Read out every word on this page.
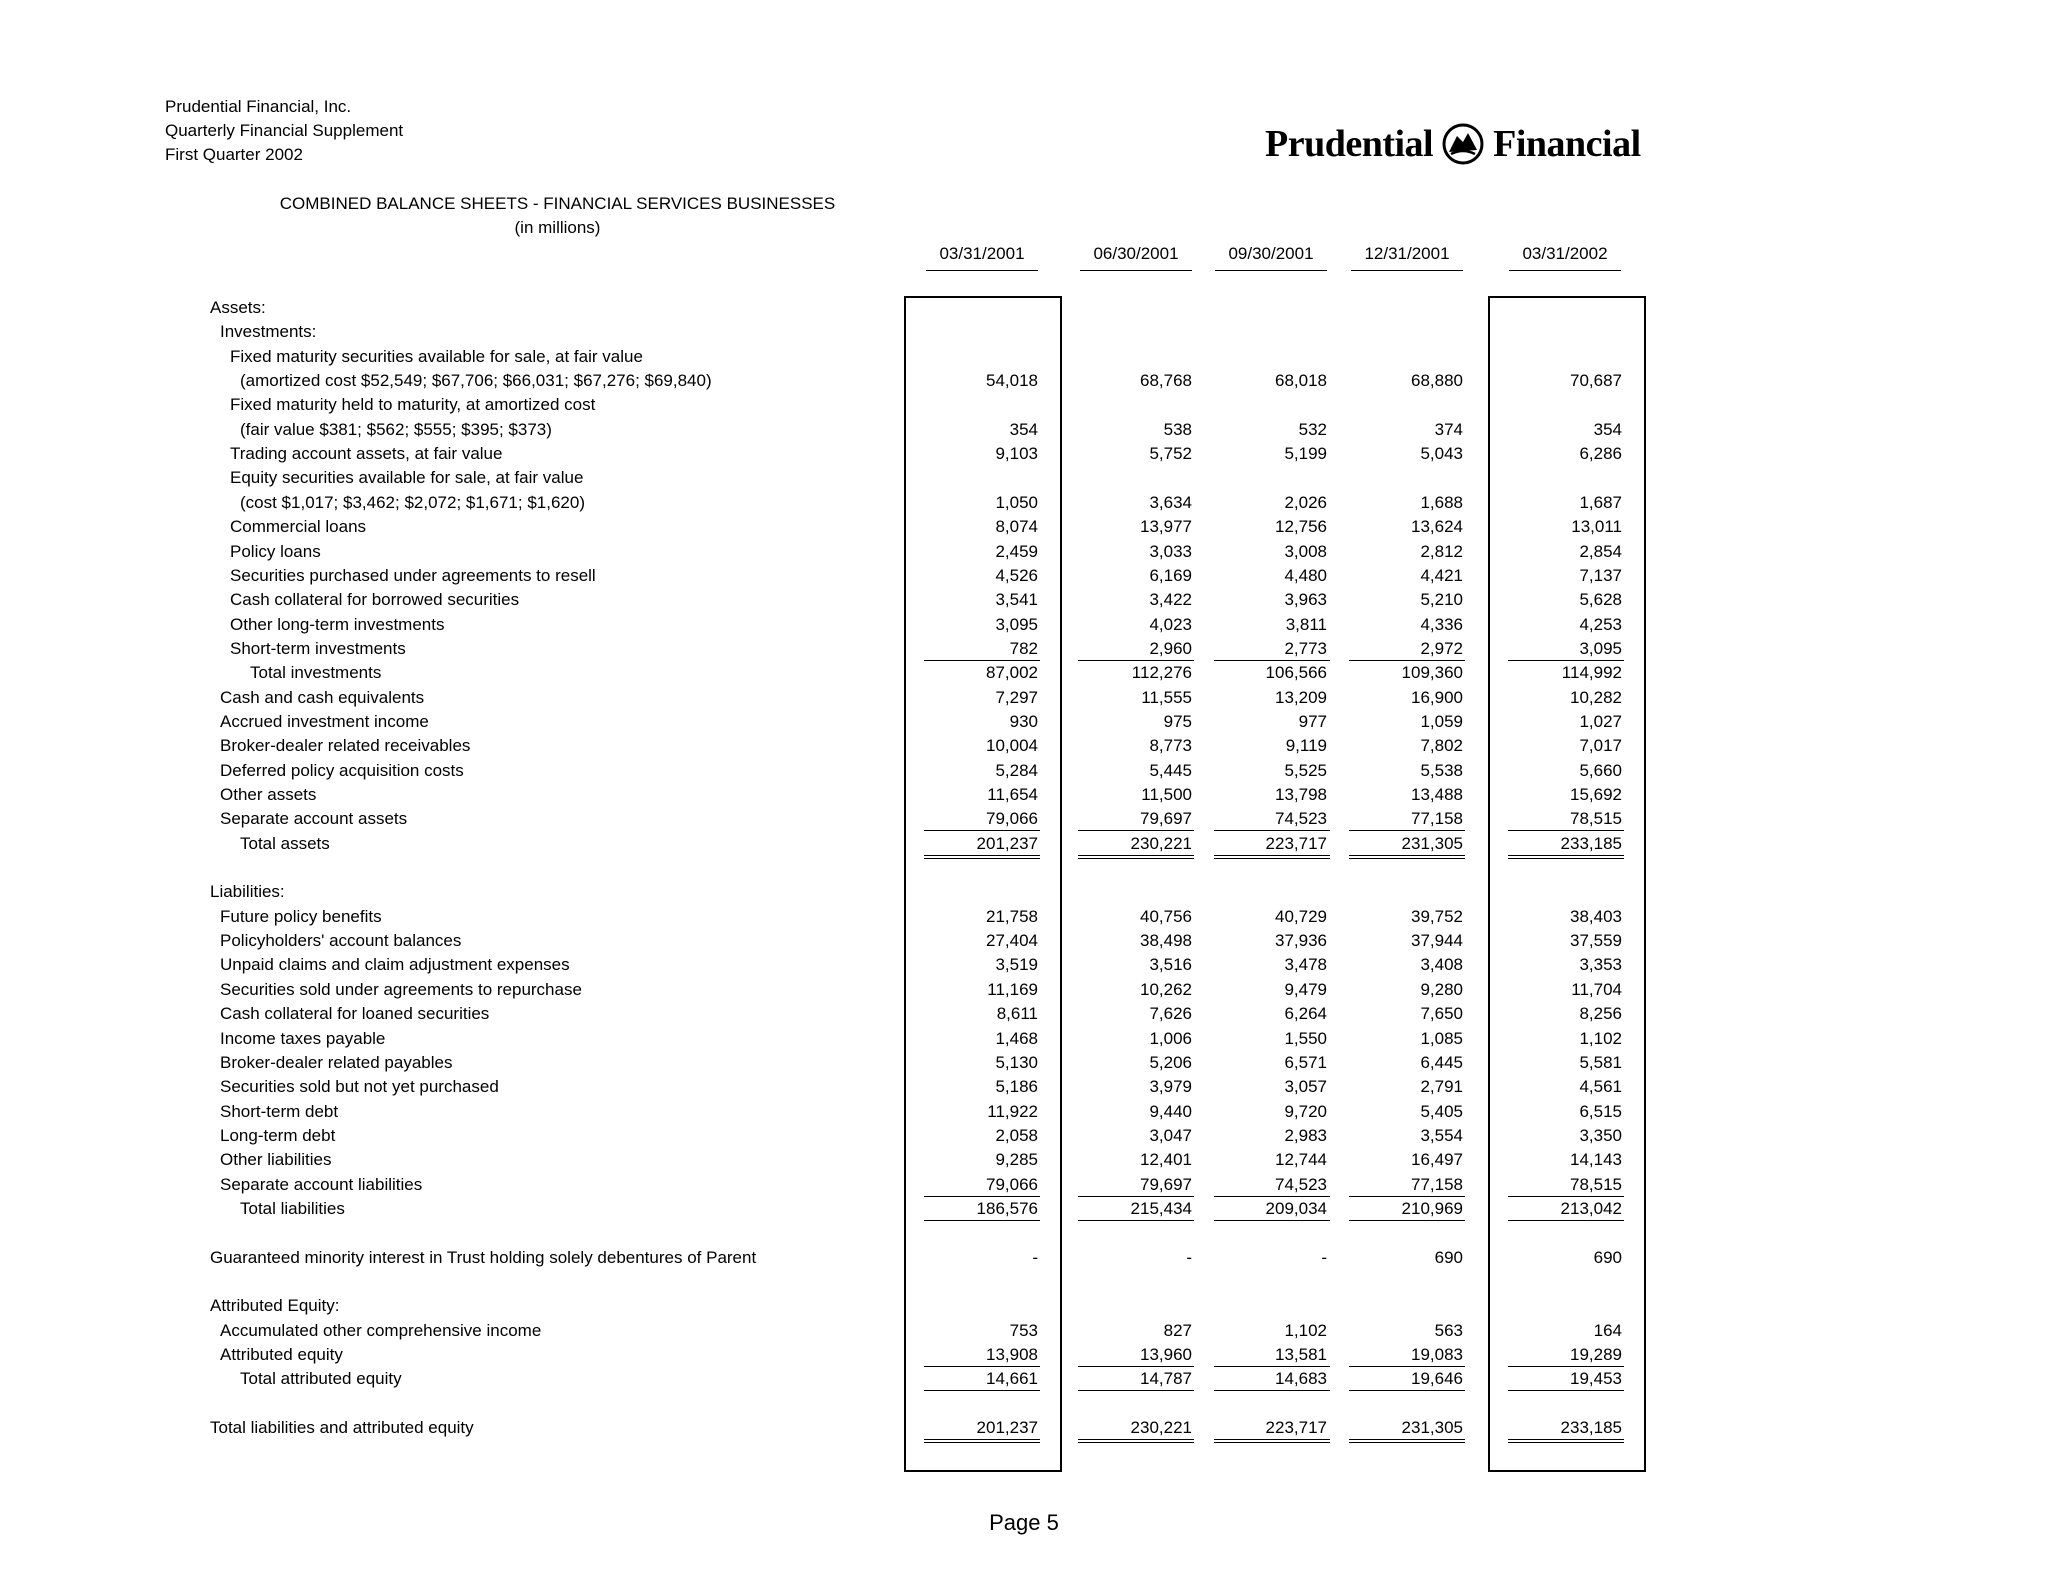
Prudential Financial, Inc.
Quarterly Financial Supplement
First Quarter 2002	Prudential Financial
COMBINED BALANCE SHEETS - FINANCIAL SERVICES BUSINESSES
(in millions)
03/31/2001	06/30/2001	09/30/2001	12/31/2001	03/31/2002
Assets:
Investments:
Fixed maturity securities available for sale, at fair value
(amortized cost $52,549; $67,706; $66,031; $67,276; $69,840)	54,018	68,768	68,018	68,880	70,687
Fixed maturity held to maturity, at amortized cost
(fair value $381; $562; $555; $395; $373)	354	538	532	374	354
Trading account assets, at fair value	9,103	5,752	5,199	5,043	6,286
Equity securities available for sale, at fair value
(cost $1,017; $3,462; $2,072; $1,671; $1,620)	1,050	3,634	2,026	1,688	1,687
Commercial loans	8,074	13,977	12,756	13,624	13,011
Policy loans	2,459	3,033	3,008	2,812	2,854
Securities purchased under agreements to resell	4,526	6,169	4,480	4,421	7,137
Cash collateral for borrowed securities	3,541	3,422	3,963	5,210	5,628
Other long-term investments	3,095	4,023	3,811	4,336	4,253
Short-term investments	782	2,960	2,773	2,972	3,095
Total investments	87,002	112,276	106,566	109,360	114,992
Cash and cash equivalents	7,297	11,555	13,209	16,900	10,282
Accrued investment income	930	975	977	1,059	1,027
Broker-dealer related receivables	10,004	8,773	9,119	7,802	7,017
Deferred policy acquisition costs	5,284	5,445	5,525	5,538	5,660
Other assets	11,654	11,500	13,798	13,488	15,692
Separate account assets	79,066	79,697	74,523	77,158	78,515
Total assets	201,237	230,221	223,717	231,305	233,185
Liabilities:
Future policy benefits	21,758	40,756	40,729	39,752	38,403
Policyholders' account balances	27,404	38,498	37,936	37,944	37,559
Unpaid claims and claim adjustment expenses	3,519	3,516	3,478	3,408	3,353
Securities sold under agreements to repurchase	11,169	10,262	9,479	9,280	11,704
Cash collateral for loaned securities	8,611	7,626	6,264	7,650	8,256
Income taxes payable	1,468	1,006	1,550	1,085	1,102
Broker-dealer related payables	5,130	5,206	6,571	6,445	5,581
Securities sold but not yet purchased	5,186	3,979	3,057	2,791	4,561
Short-term debt	11,922	9,440	9,720	5,405	6,515
Long-term debt	2,058	3,047	2,983	3,554	3,350
Other liabilities	9,285	12,401	12,744	16,497	14,143
Separate account liabilities	79,066	79,697	74,523	77,158	78,515
Total liabilities	186,576	215,434	209,034	210,969	213,042
Guaranteed minority interest in Trust holding solely debentures of Parent	-	-	-	690	690
Attributed Equity:
Accumulated other comprehensive income	753	827	1,102	563	164
Attributed equity	13,908	13,960	13,581	19,083	19,289
Total attributed equity	14,661	14,787	14,683	19,646	19,453
Total liabilities and attributed equity	201,237	230,221	223,717	231,305	233,185
Page 5
